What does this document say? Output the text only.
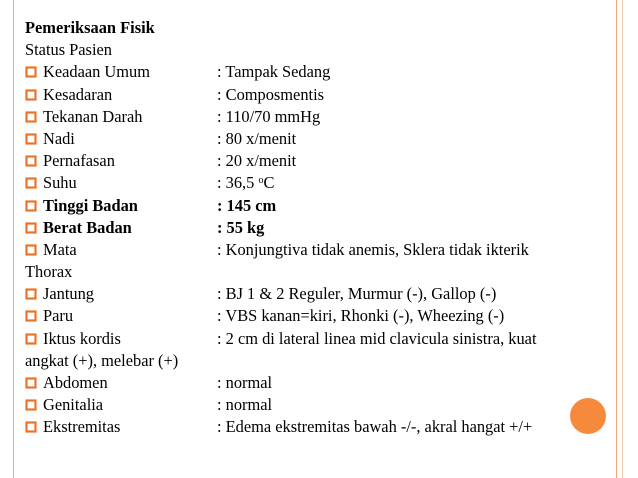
Pemeriksaan Fisik
Status Pasien
Keadaan Umum	: Tampak Sedang
Kesadaran	: Composmentis
Tekanan Darah	: 110/70 mmHg
Nadi	: 80 x/menit
Pernafasan	: 20 x/menit
Suhu	: 36,5 $^o$C
Tinggi Badan	: 145 cm
Berat Badan	: 55 kg
Mata	: Konjungtiva tidak anemis, Sklera tidak ikterik
Thorax
Jantung	: BJ 1 & 2 Reguler, Murmur (-), Gallop (-)
Paru	: VBS kanan=kiri, Rhonki (-), Wheezing (-)
Iktus kordis	: 2 cm di lateral linea mid clavicula sinistra, kuat
angkat (+), melebar (+)
Abdomen	: normal
Genitalia	: normal
Ekstremitas	: Edema ekstremitas bawah -/-, akral hangat +/+
